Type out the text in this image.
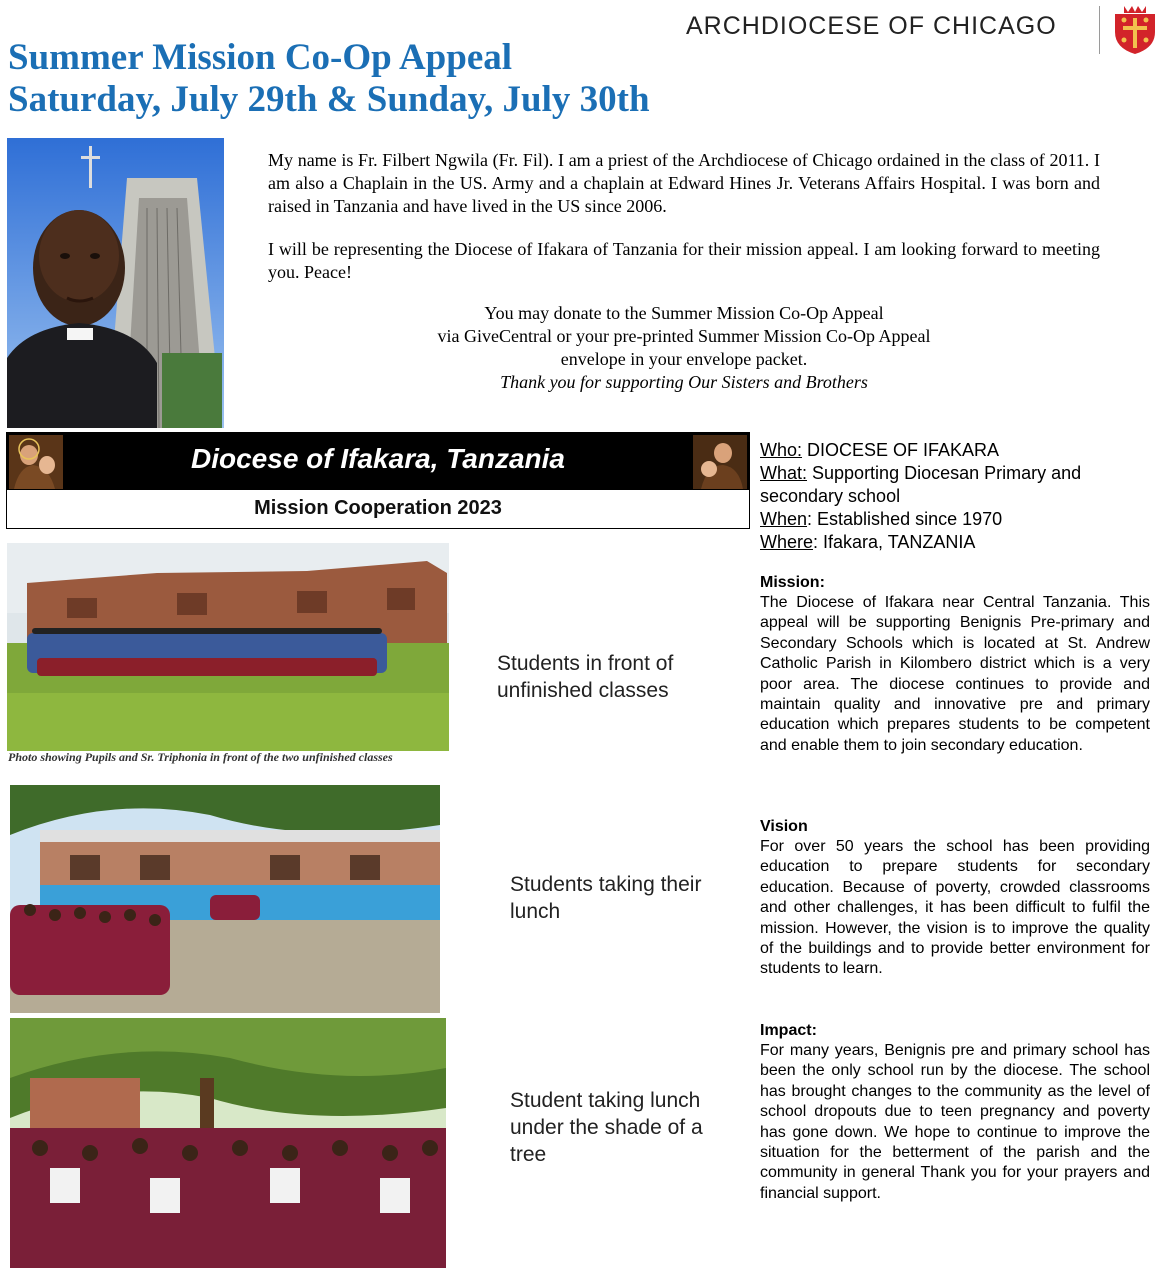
Summer Mission Co-Op Appeal
Saturday, July 29th & Sunday, July 30th
ARCHDIOCESE OF CHICAGO
My name is Fr. Filbert Ngwila (Fr. Fil). I am a priest of the Archdiocese of Chicago ordained in the class of 2011. I am also a Chaplain in the US. Army and a chaplain at Edward Hines Jr. Veterans Affairs Hospital. I was born and raised in Tanzania and have lived in the US since 2006.
I will be representing the Diocese of Ifakara of Tanzania for their mission appeal. I am looking forward to meeting you. Peace!
You may donate to the Summer Mission Co-Op Appeal
via GiveCentral or your pre-printed Summer Mission Co-Op Appeal
envelope in your envelope packet.
Thank you for supporting Our Sisters and Brothers
Diocese of Ifakara, Tanzania
Mission Cooperation 2023
Photo showing Pupils and Sr. Triphonia in front of the two unfinished classes
Students in front of unfinished classes
Students taking their lunch
Student taking lunch under the shade of a tree
Who: DIOCESE OF IFAKARA
What: Supporting Diocesan Primary and secondary school
When: Established since 1970
Where: Ifakara, TANZANIA
Mission:
The Diocese of Ifakara near Central Tanzania. This appeal will be supporting Benignis Pre-primary and Secondary Schools which is located at St. Andrew Catholic Parish in Kilombero district which is a very poor area. The diocese continues to provide and maintain quality and innovative pre and primary education which prepares students to be competent and enable them to join secondary education.
Vision
For over 50 years the school has been providing education to prepare students for secondary education. Because of poverty, crowded classrooms and other challenges, it has been difficult to fulfil the mission. However, the vision is to improve the quality of the buildings and to provide better environment for students to learn.
Impact:
For many years, Benignis pre and primary school has been the only school run by the diocese. The school has brought changes to the community as the level of school dropouts due to teen pregnancy and poverty has gone down. We hope to continue to improve the situation for the betterment of the parish and the community in general Thank you for your prayers and financial support.
